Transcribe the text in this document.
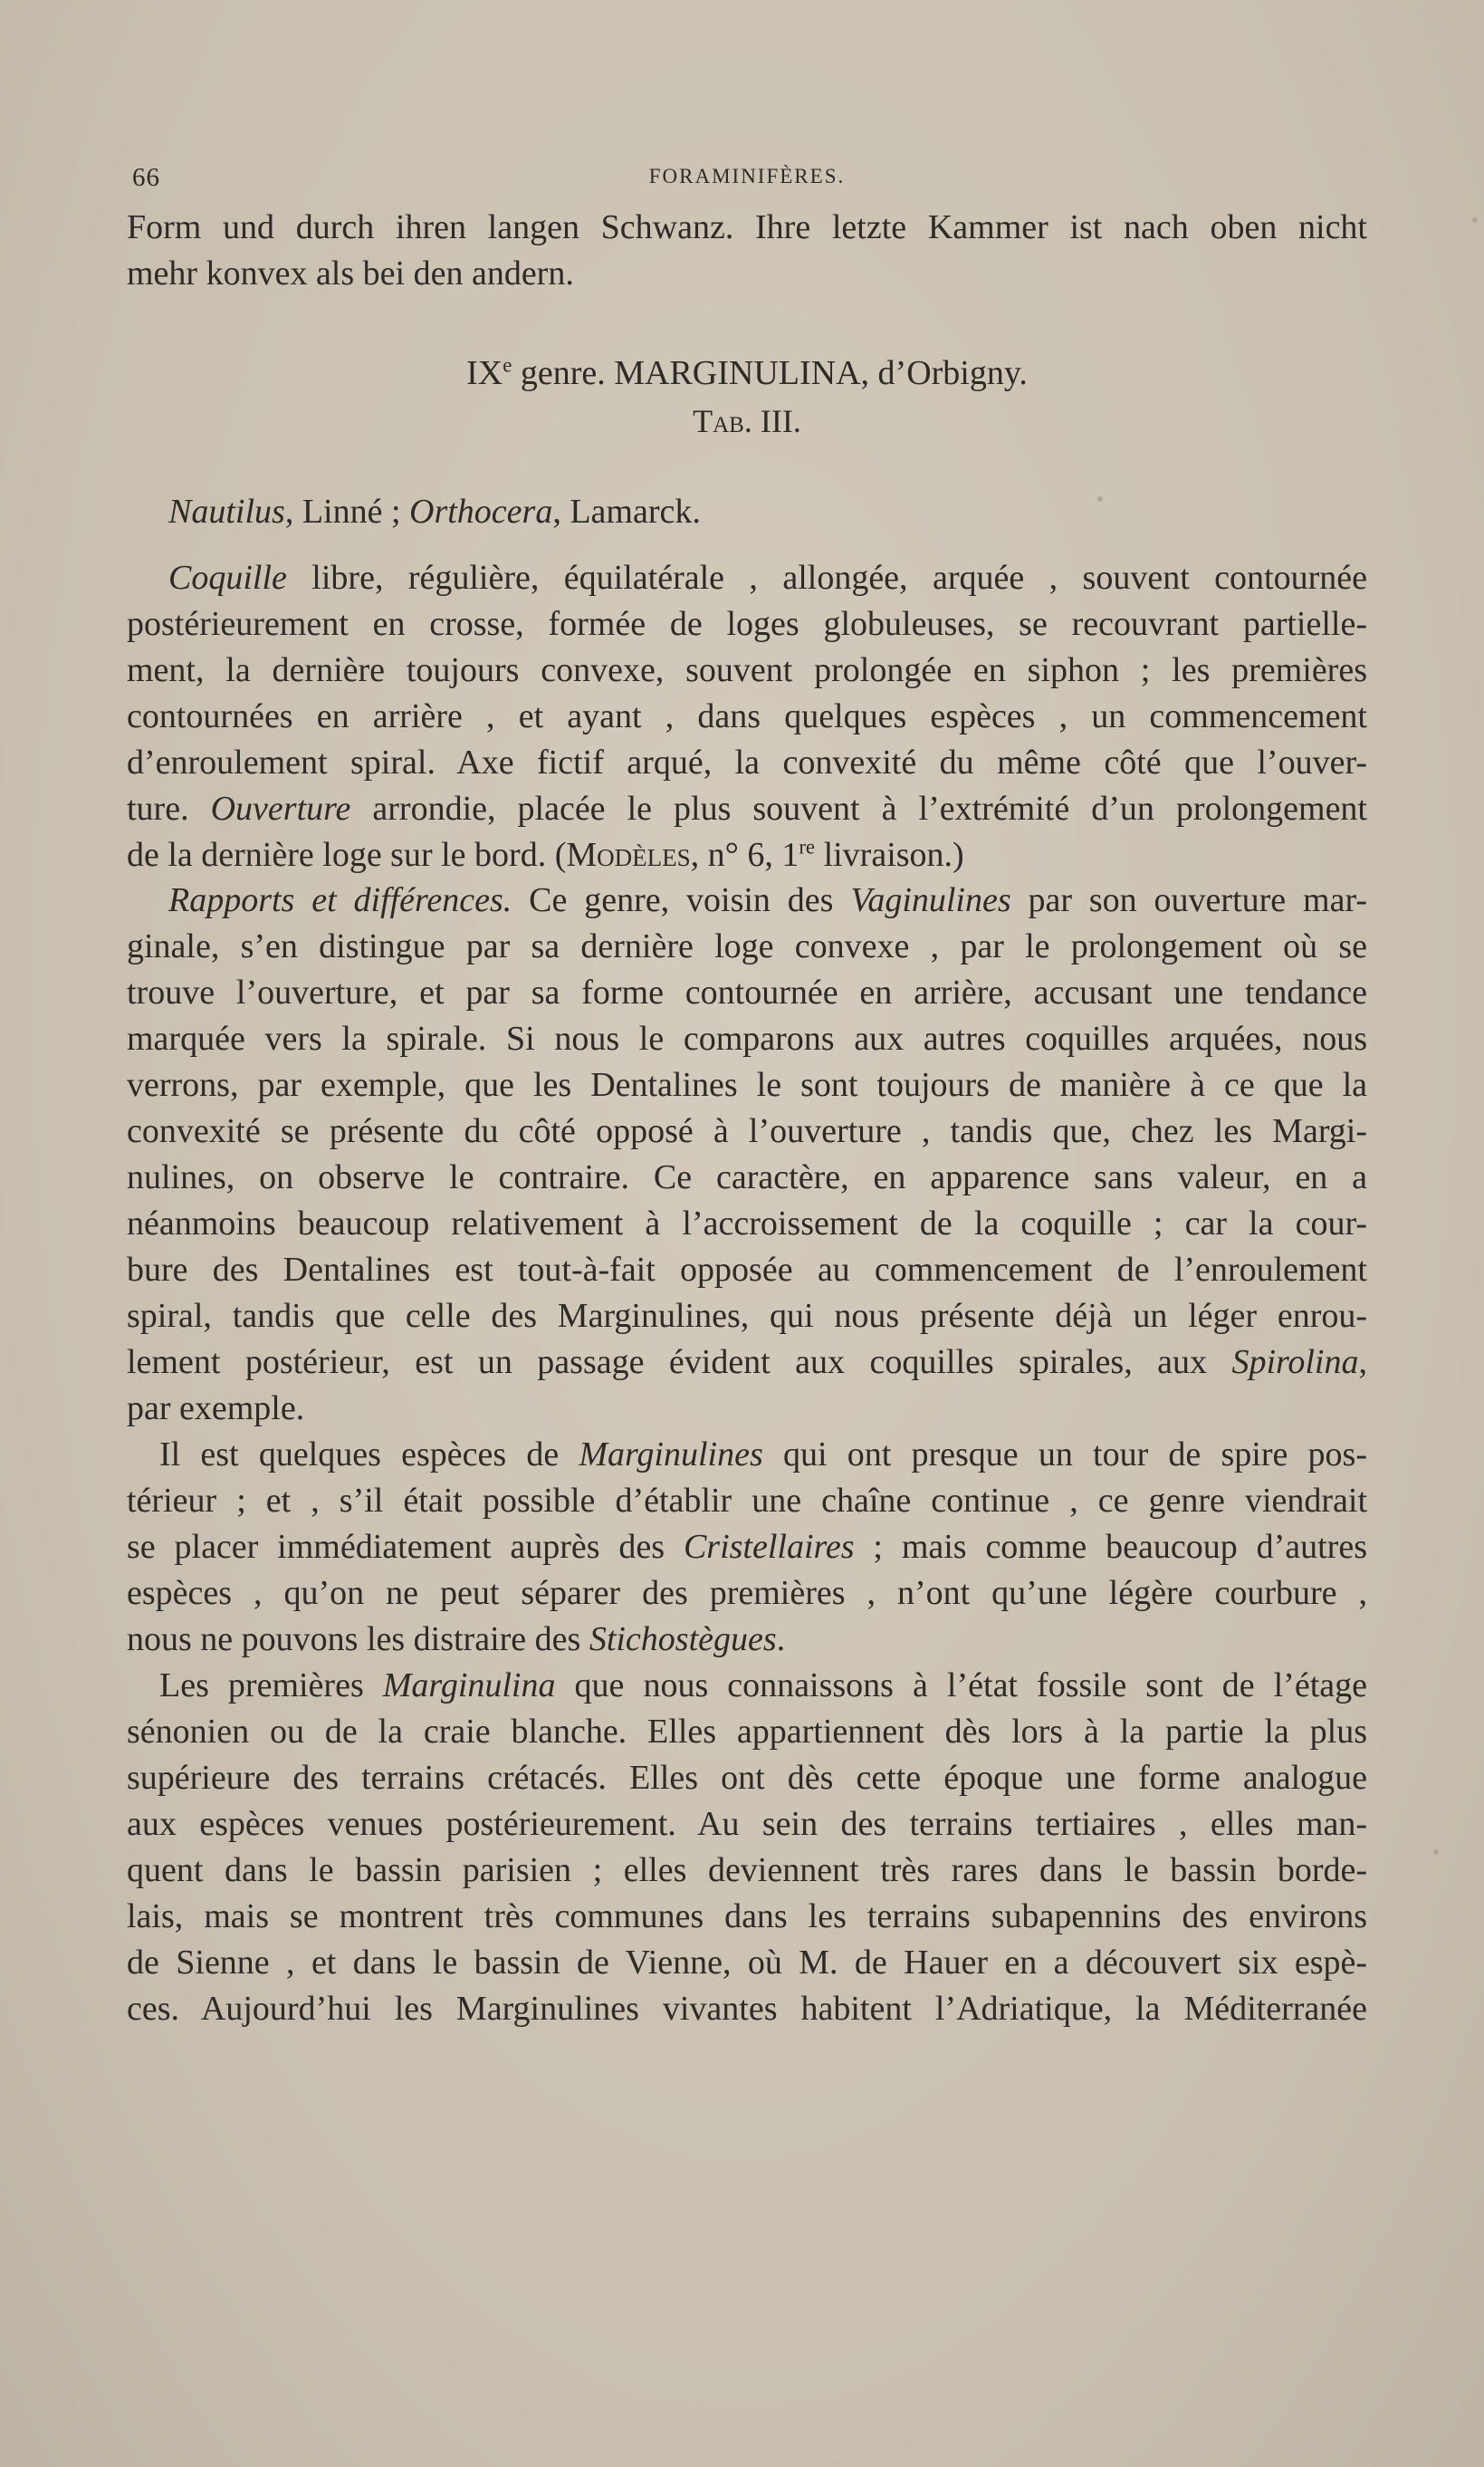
66	FORAMINIFÈRES.
Form und durch ihren langen Schwanz. Ihre letzte Kammer ist nach oben nicht
mehr konvex als bei den andern.
IXe genre. MARGINULINA, d’Orbigny.
Tab. III.
Nautilus, Linné ; Orthocera, Lamarck.
Coquille libre, régulière, équilatérale , allongée, arquée , souvent contournée
postérieurement en crosse, formée de loges globuleuses, se recouvrant partielle-
ment, la dernière toujours convexe, souvent prolongée en siphon ; les premières
contournées en arrière , et ayant , dans quelques espèces , un commencement
d’enroulement spiral. Axe fictif arqué, la convexité du même côté que l’ouver-
ture. Ouverture arrondie, placée le plus souvent à l’extrémité d’un prolongement
de la dernière loge sur le bord. (Modèles, n° 6, 1re livraison.)
Rapports et différences. Ce genre, voisin des Vaginulines par son ouverture mar-
ginale, s’en distingue par sa dernière loge convexe , par le prolongement où se
trouve l’ouverture, et par sa forme contournée en arrière, accusant une tendance
marquée vers la spirale. Si nous le comparons aux autres coquilles arquées, nous
verrons, par exemple, que les Dentalines le sont toujours de manière à ce que la
convexité se présente du côté opposé à l’ouverture , tandis que, chez les Margi-
nulines, on observe le contraire. Ce caractère, en apparence sans valeur, en a
néanmoins beaucoup relativement à l’accroissement de la coquille ; car la cour-
bure des Dentalines est tout-à-fait opposée au commencement de l’enroulement
spiral, tandis que celle des Marginulines, qui nous présente déjà un léger enrou-
lement postérieur, est un passage évident aux coquilles spirales, aux Spirolina,
par exemple.
Il est quelques espèces de Marginulines qui ont presque un tour de spire pos-
térieur ; et , s’il était possible d’établir une chaîne continue , ce genre viendrait
se placer immédiatement auprès des Cristellaires ; mais comme beaucoup d’autres
espèces , qu’on ne peut séparer des premières , n’ont qu’une légère courbure ,
nous ne pouvons les distraire des Stichostègues.
Les premières Marginulina que nous connaissons à l’état fossile sont de l’étage
sénonien ou de la craie blanche. Elles appartiennent dès lors à la partie la plus
supérieure des terrains crétacés. Elles ont dès cette époque une forme analogue
aux espèces venues postérieurement. Au sein des terrains tertiaires , elles man-
quent dans le bassin parisien ; elles deviennent très rares dans le bassin borde-
lais, mais se montrent très communes dans les terrains subapennins des environs
de Sienne , et dans le bassin de Vienne, où M. de Hauer en a découvert six espè-
ces. Aujourd’hui les Marginulines vivantes habitent l’Adriatique, la Méditerranée
